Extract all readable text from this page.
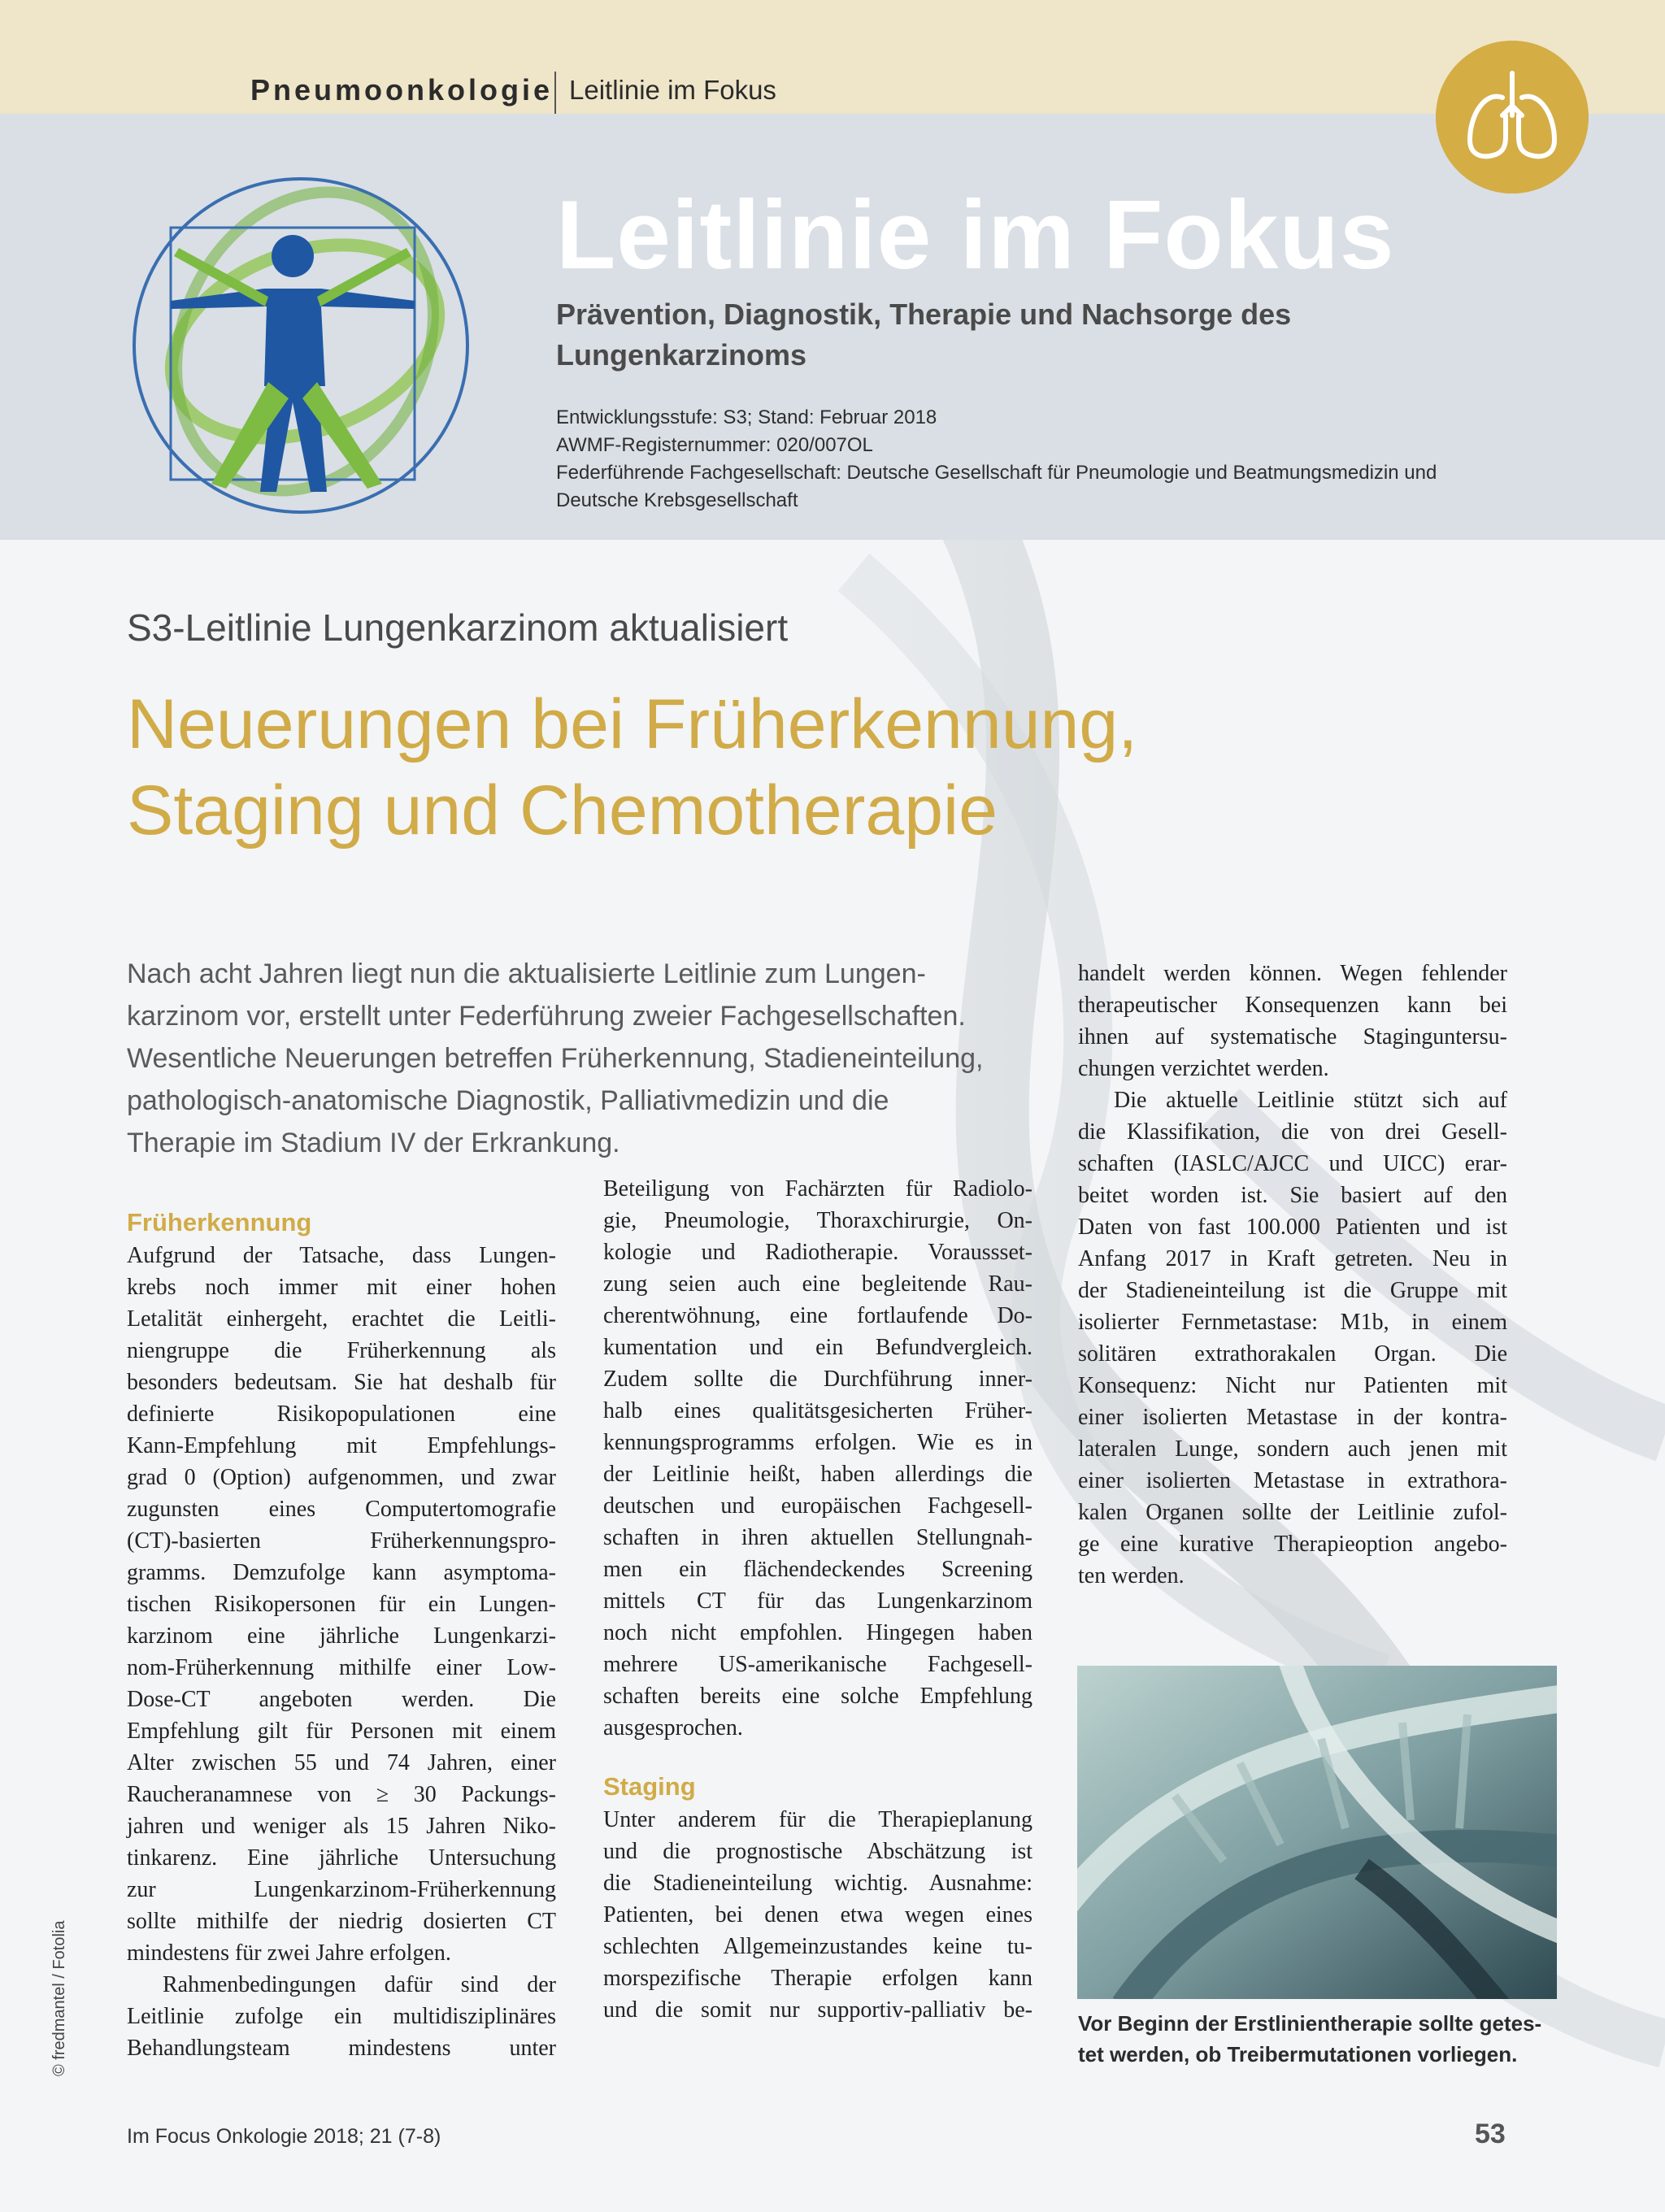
Pneumoonkologie Leitlinie im Fokus
Leitlinie im Fokus
Prävention, Diagnostik, Therapie und Nachsorge des
Lungenkarzinoms
Entwicklungsstufe: S3; Stand: Februar 2018
AWMF-Registernummer: 020/007OL
Federführende Fachgesellschaft: Deutsche Gesellschaft für Pneumologie und Beatmungsmedizin und
Deutsche Krebsgesellschaft
S3-Leitlinie Lungenkarzinom aktualisiert
Neuerungen bei Früherkennung,
Staging und Chemotherapie
Nach acht Jahren liegt nun die aktualisierte Leitlinie zum Lungen-
karzinom vor, erstellt unter Federführung zweier Fachgesellschaften.
Wesentliche Neuerungen betreffen Früherkennung, Stadieneinteilung,
pathologisch-anatomische Diagnostik, Palliativmedizin und die
Therapie im Stadium IV der Erkrankung.
Früherkennung
Aufgrund der Tatsache, dass Lungen-
krebs noch immer mit einer hohen
Letalität einhergeht, erachtet die Leitli-
niengruppe die Früherkennung als
besonders bedeutsam. Sie hat deshalb für
definierte Risikopopulationen eine
Kann-Empfehlung mit Empfehlungs-
grad 0 (Option) aufgenommen, und zwar
zugunsten eines Computertomografie
(CT)-basierten Früherkennungspro-
gramms. Demzufolge kann asymptoma-
tischen Risikopersonen für ein Lungen-
karzinom eine jährliche Lungenkarzi-
nom-Früherkennung mithilfe einer Low-
Dose-CT angeboten werden. Die
Empfehlung gilt für Personen mit einem
Alter zwischen 55 und 74 Jahren, einer
Raucheranamnese von ≥ 30 Packungs-
jahren und weniger als 15 Jahren Niko-
tinkarenz. Eine jährliche Untersuchung
zur Lungenkarzinom-Früherkennung
sollte mithilfe der niedrig dosierten CT
mindestens für zwei Jahre erfolgen.
Rahmenbedingungen dafür sind der
Leitlinie zufolge ein multidisziplinäres
Behandlungsteam mindestens unter
Beteiligung von Fachärzten für Radiolo-
gie, Pneumologie, Thoraxchirurgie, On-
kologie und Radiotherapie. Voraussset-
zung seien auch eine begleitende Rau-
cherentwöhnung, eine fortlaufende Do-
kumentation und ein Befundvergleich.
Zudem sollte die Durchführung inner-
halb eines qualitätsgesicherten Früher-
kennungsprogramms erfolgen. Wie es in
der Leitlinie heißt, haben allerdings die
deutschen und europäischen Fachgesell-
schaften in ihren aktuellen Stellungnah-
men ein flächendeckendes Screening
mittels CT für das Lungenkarzinom
noch nicht empfohlen. Hingegen haben
mehrere US-amerikanische Fachgesell-
schaften bereits eine solche Empfehlung
ausgesprochen.
Staging
Unter anderem für die Therapieplanung
und die prognostische Abschätzung ist
die Stadieneinteilung wichtig. Ausnahme:
Patienten, bei denen etwa wegen eines
schlechten Allgemeinzustandes keine tu-
morspezifische Therapie erfolgen kann
und die somit nur supportiv-palliativ be-
handelt werden können. Wegen fehlender
therapeutischer Konsequenzen kann bei
ihnen auf systematische Staginguntersu-
chungen verzichtet werden.
Die aktuelle Leitlinie stützt sich auf
die Klassifikation, die von drei Gesell-
schaften (IASLC/AJCC und UICC) erar-
beitet worden ist. Sie basiert auf den
Daten von fast 100.000 Patienten und ist
Anfang 2017 in Kraft getreten. Neu in
der Stadieneinteilung ist die Gruppe mit
isolierter Fernmetastase: M1b, in einem
solitären extrathorakalen Organ. Die
Konsequenz: Nicht nur Patienten mit
einer isolierten Metastase in der kontra-
lateralen Lunge, sondern auch jenen mit
einer isolierten Metastase in extrathora-
kalen Organen sollte der Leitlinie zufol-
ge eine kurative Therapieoption angebo-
ten werden.
Vor Beginn der Erstlinientherapie sollte getes-
tet werden, ob Treibermutationen vorliegen.
© fredmantel / Fotolia
Im Focus Onkologie 2018; 21 (7-8)	53
